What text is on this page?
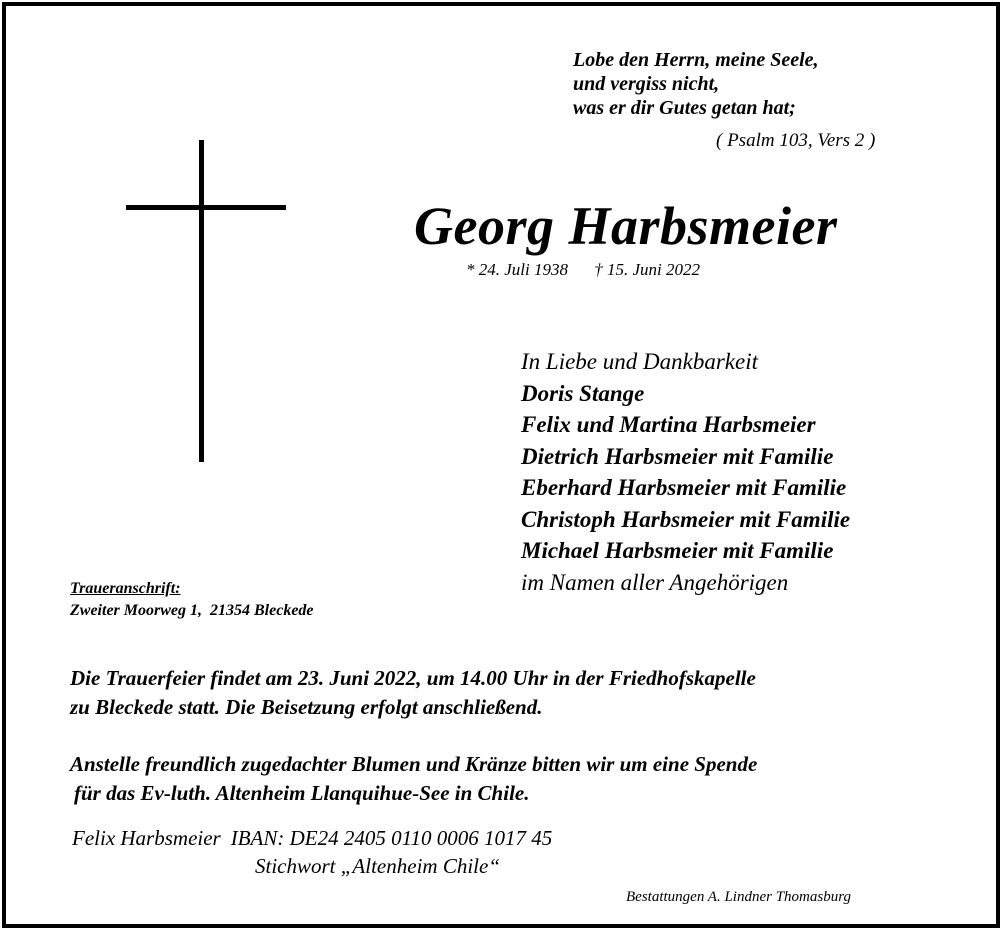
Lobe den Herrn, meine Seele,
und vergiss nicht,
was er dir Gutes getan hat;
( Psalm 103, Vers 2 )
Georg Harbsmeier
* 24. Juli 1938 † 15. Juni 2022
In Liebe und Dankbarkeit
Doris Stange
Felix und Martina Harbsmeier
Dietrich Harbsmeier mit Familie
Eberhard Harbsmeier mit Familie
Christoph Harbsmeier mit Familie
Michael Harbsmeier mit Familie
im Namen aller Angehörigen
Traueranschrift:
Zweiter Moorweg 1,  21354 Bleckede
Die Trauerfeier findet am 23. Juni 2022, um 14.00 Uhr in der Friedhofskapelle
zu Bleckede statt. Die Beisetzung erfolgt anschließend.
Anstelle freundlich zugedachter Blumen und Kränze bitten wir um eine Spende
für das Ev-luth. Altenheim Llanquihue-See in Chile.
Felix Harbsmeier IBAN: DE24 2405 0110 0006 1017 45
Stichwort „Altenheim Chile“
Bestattungen A. Lindner Thomasburg
